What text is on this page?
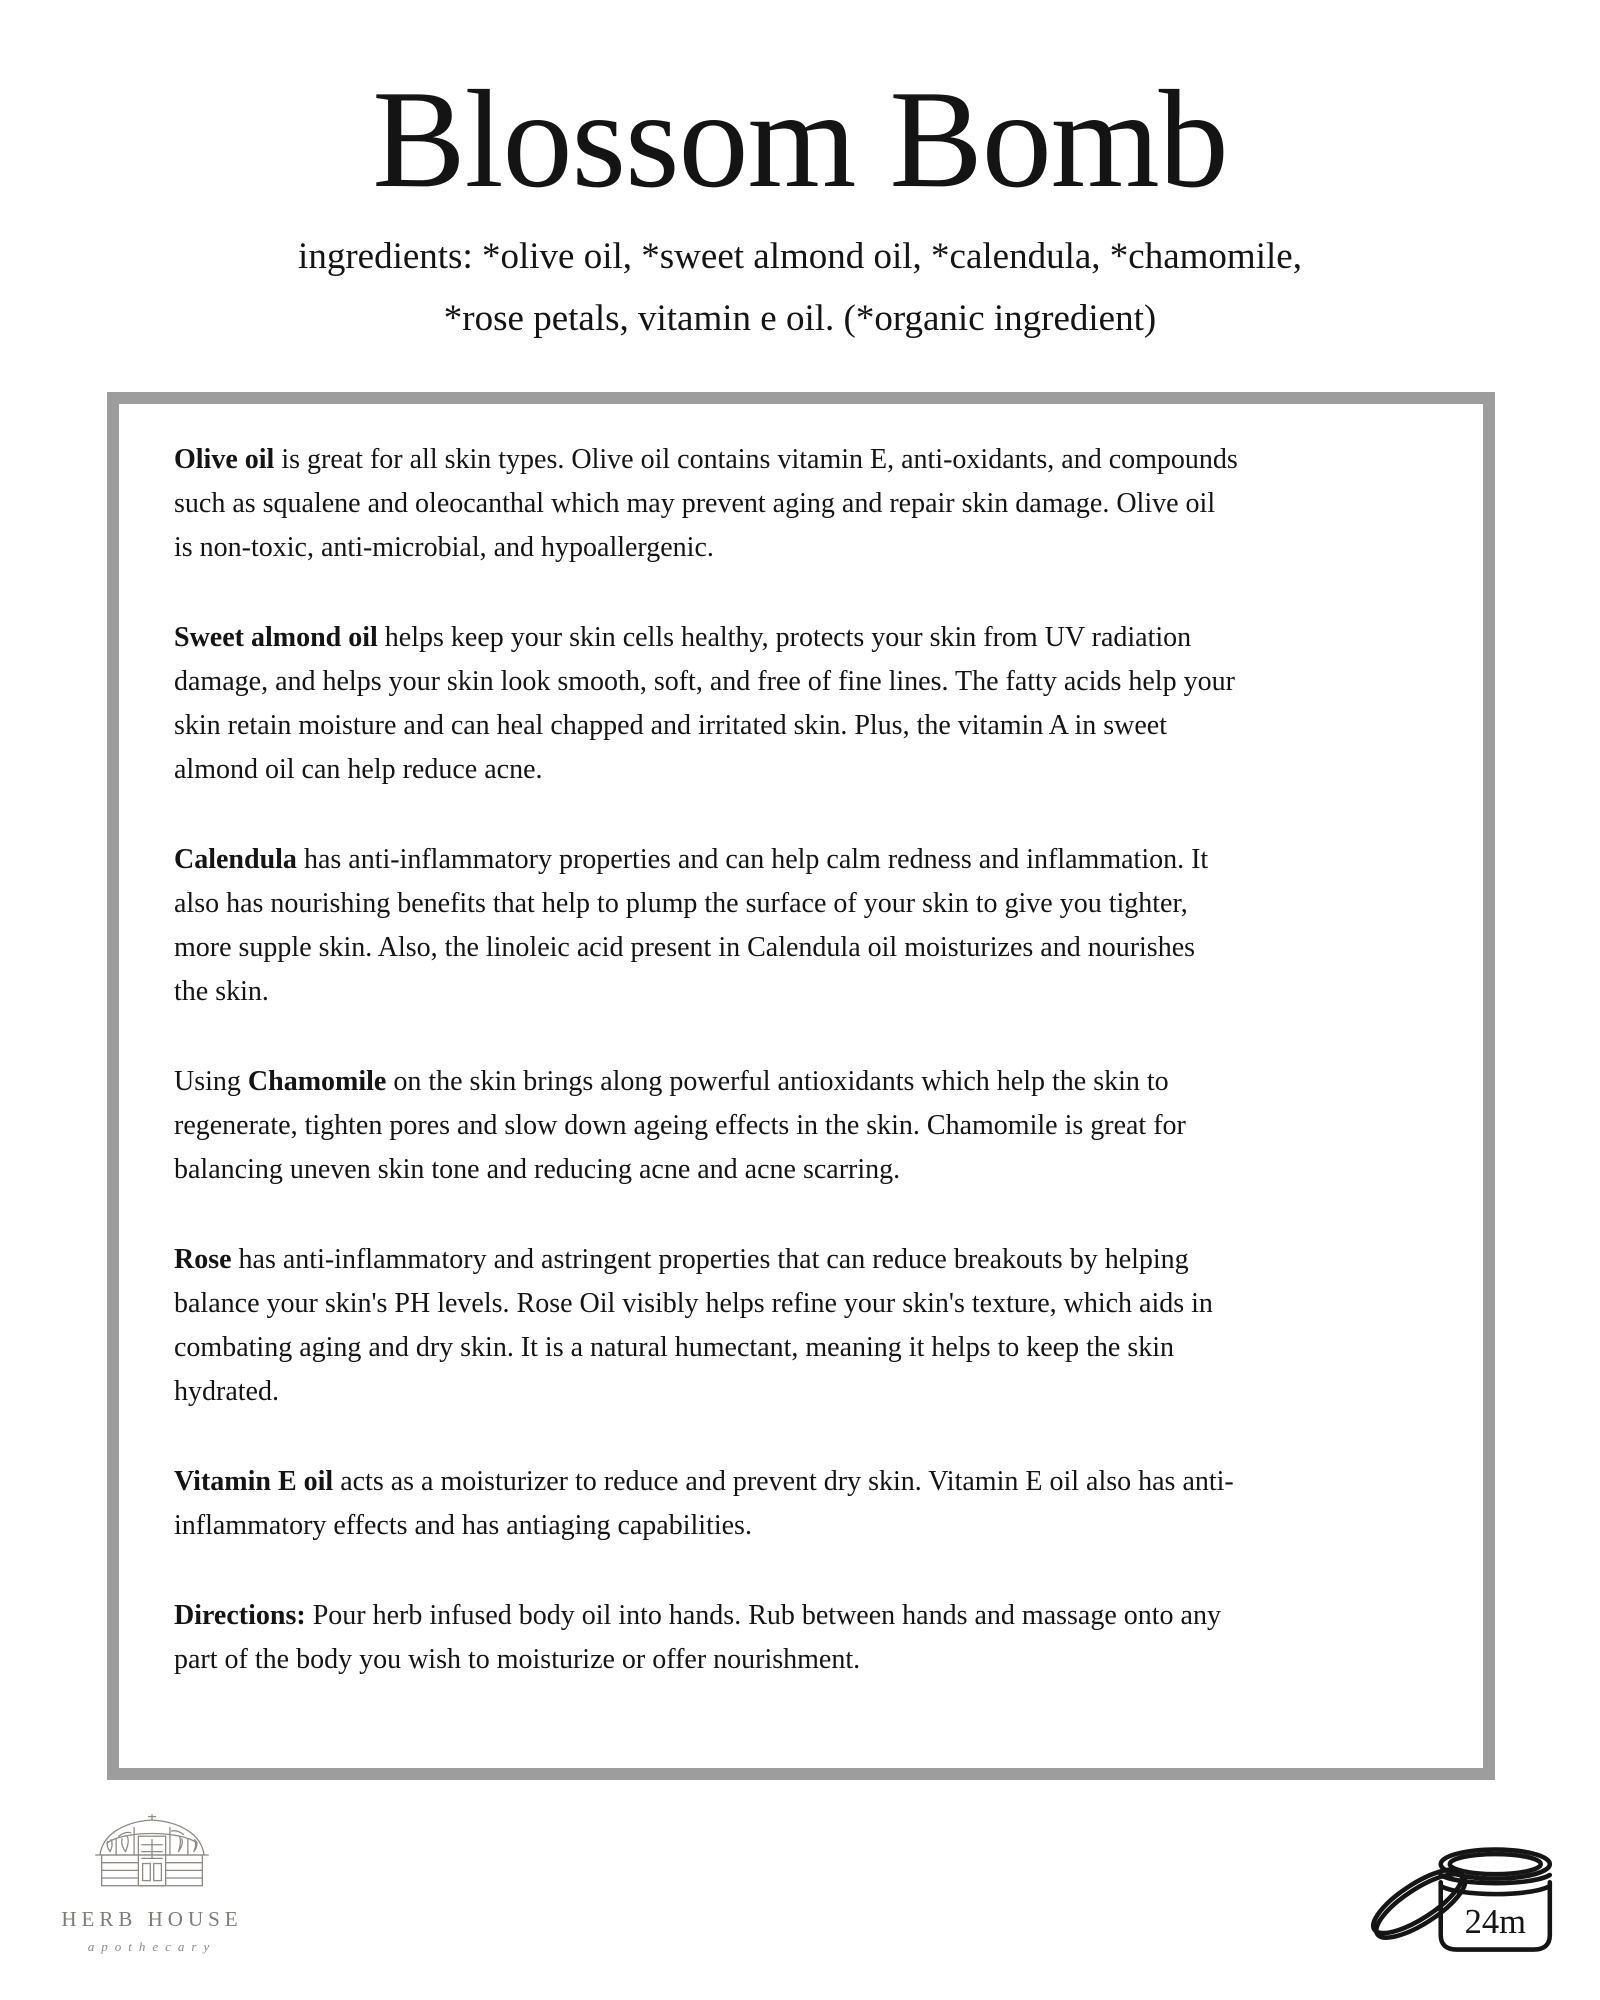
Blossom Bomb
ingredients: *olive oil, *sweet almond oil, *calendula, *chamomile,
*rose petals, vitamin e oil. (*organic ingredient)

Olive oil is great for all skin types. Olive oil contains vitamin E, anti-oxidants, and compounds
such as squalene and oleocanthal which may prevent aging and repair skin damage. Olive oil
is non-toxic, anti-microbial, and hypoallergenic.

Sweet almond oil helps keep your skin cells healthy, protects your skin from UV radiation
damage, and helps your skin look smooth, soft, and free of fine lines. The fatty acids help your
skin retain moisture and can heal chapped and irritated skin. Plus, the vitamin A in sweet
almond oil can help reduce acne.

Calendula has anti-inflammatory properties and can help calm redness and inflammation. It
also has nourishing benefits that help to plump the surface of your skin to give you tighter,
more supple skin. Also, the linoleic acid present in Calendula oil moisturizes and nourishes
the skin.

Using Chamomile on the skin brings along powerful antioxidants which help the skin to
regenerate, tighten pores and slow down ageing effects in the skin. Chamomile is great for
balancing uneven skin tone and reducing acne and acne scarring.

Rose has anti-inflammatory and astringent properties that can reduce breakouts by helping
balance your skin's PH levels. Rose Oil visibly helps refine your skin's texture, which aids in
combating aging and dry skin. It is a natural humectant, meaning it helps to keep the skin
hydrated.

Vitamin E oil acts as a moisturizer to reduce and prevent dry skin. Vitamin E oil also has anti-
inflammatory effects and has antiaging capabilities.

Directions: Pour herb infused body oil into hands. Rub between hands and massage onto any
part of the body you wish to moisturize or offer nourishment.

HERB HOUSE
apothecary
24m
